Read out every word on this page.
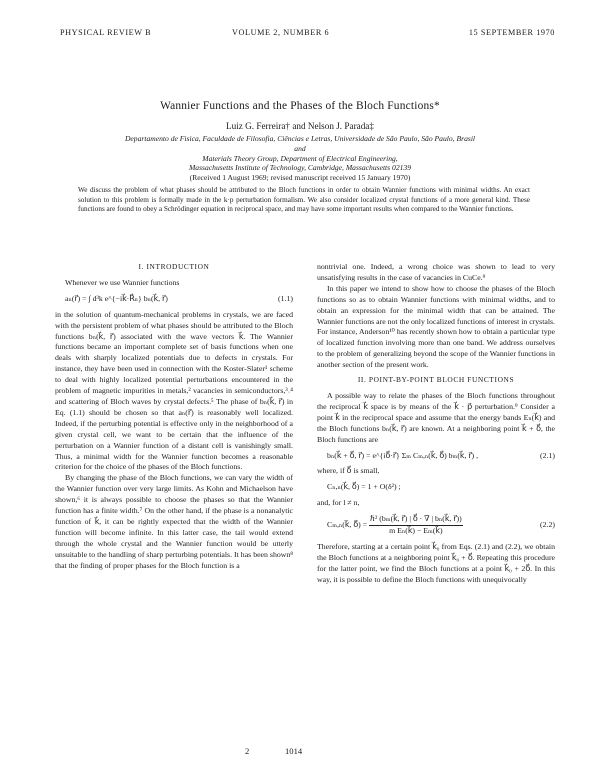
PHYSICAL REVIEW B	VOLUME 2, NUMBER 6	15 SEPTEMBER 1970
Wannier Functions and the Phases of the Bloch Functions*
Luiz G. Ferreira† and Nelson J. Parada‡
Departamento de Fisica, Faculdade de Filosofia, Ciências e Letras, Universidade de São Paulo, São Paulo, Brasil
and
Materials Theory Group, Department of Electrical Engineering,
Massachusetts Institute of Technology, Cambridge, Massachusetts 02139
(Received 1 August 1969; revised manuscript received 15 January 1970)
We discuss the problem of what phases should be attributed to the Bloch functions in order to obtain Wannier functions with minimal widths. An exact solution to this problem is formally made in the k·p perturbation formalism. We also consider localized crystal functions of a more general kind. These functions are found to obey a Schrödinger equation in reciprocal space, and may have some important results when compared to the Wannier functions.
I. INTRODUCTION

Whenever we use Wannier functions

aₙ(r⃗) = ∫ d³k e^{−ik⃗·R⃗ₙ} bₙ(k⃗, r⃗)	(1.1)

in the solution of quantum-mechanical problems in crystals, we are faced with the persistent problem of what phases should be attributed to the Bloch functions bₙ(k⃗, r⃗) associated with the wave vectors k⃗. The Wannier functions became an important complete set of basis functions when one deals with sharply localized potentials due to defects in crystals. For instance, they have been used in connection with the Koster-Slater¹ scheme to deal with highly localized potential perturbations encountered in the problem of magnetic impurities in metals,² vacancies in semiconductors,³˒⁴ and scattering of Bloch waves by crystal defects.⁵ The phase of bₙ(k⃗, r⃗) in Eq. (1.1) should be chosen so that aₙ(r⃗) is reasonably well localized. Indeed, if the perturbing potential is effective only in the neighborhood of a given crystal cell, we want to be certain that the influence of the perturbation on a Wannier function of a distant cell is vanishingly small. Thus, a minimal width for the Wannier function becomes a reasonable criterion for the choice of the phases of the Bloch functions.

By changing the phase of the Bloch functions, we can vary the width of the Wannier function over very large limits. As Kohn and Michaelson have shown,⁶ it is always possible to choose the phases so that the Wannier function has a finite width.⁷ On the other hand, if the phase is a nonanalytic function of k⃗, it can be rightly expected that the width of the Wannier function will become infinite. In this latter case, the tail would extend through the whole crystal and the Wannier function would be utterly unsuitable to the handling of sharp perturbing potentials. It has been shown⁸ that the finding of proper phases for the Bloch function is a

nontrivial one. Indeed, a wrong choice was shown to lead to very unsatisfying results in the case of vacancies in CuCe.⁹

In this paper we intend to show how to choose the phases of the Bloch functions so as to obtain Wannier functions with minimal widths, and to obtain an expression for the minimal width that can be attained. The Wannier functions are not the only localized functions of interest in crystals. For instance, Anderson¹⁰ has recently shown how to obtain a particular type of localized function involving more than one band. We address ourselves to the problem of generalizing beyond the scope of the Wannier functions in another section of the present work.

II. POINT-BY-POINT BLOCH FUNCTIONS

A possible way to relate the phases of the Bloch functions throughout the reciprocal k⃗ space is by means of the k⃗ · p⃗ perturbation.⁹ Consider a point k⃗ in the reciprocal space and assume that the energy bands Eₙ(k⃗) and the Bloch functions bₙ(k⃗, r⃗) are known. At a neighboring point k⃗ + δ⃗, the Bloch functions are

bₙ(k⃗ + δ⃗, r⃗) = e^{iδ⃗·r⃗} Σₘ Cₘ,ₙ(k⃗, δ⃗) bₘ(k⃗, r⃗) ,	(2.1)

where, if δ⃗ is small,

Cₙ,ₙ(k⃗, δ⃗) = 1 + O(δ²) ;

and, for l ≠ n,

Cₘ,ₙ(k⃗, δ⃗) = $\frac{\text{ℏ² (bₘ(k⃗, r⃗) | δ⃗ · ∇ | bₙ(k⃗, r⃗))}}{\text{m Eₙ(k⃗) − Eₘ(k⃗)}}$	(2.2)

Therefore, starting at a certain point k⃗₀ from Eqs. (2.1) and (2.2), we obtain the Bloch functions at a neighboring point k⃗₀ + δ⃗. Repeating this procedure for the latter point, we find the Bloch functions at a point k⃗₀ + 2δ⃗. In this way, it is possible to define the Bloch functions with unequivocally

2	1014
